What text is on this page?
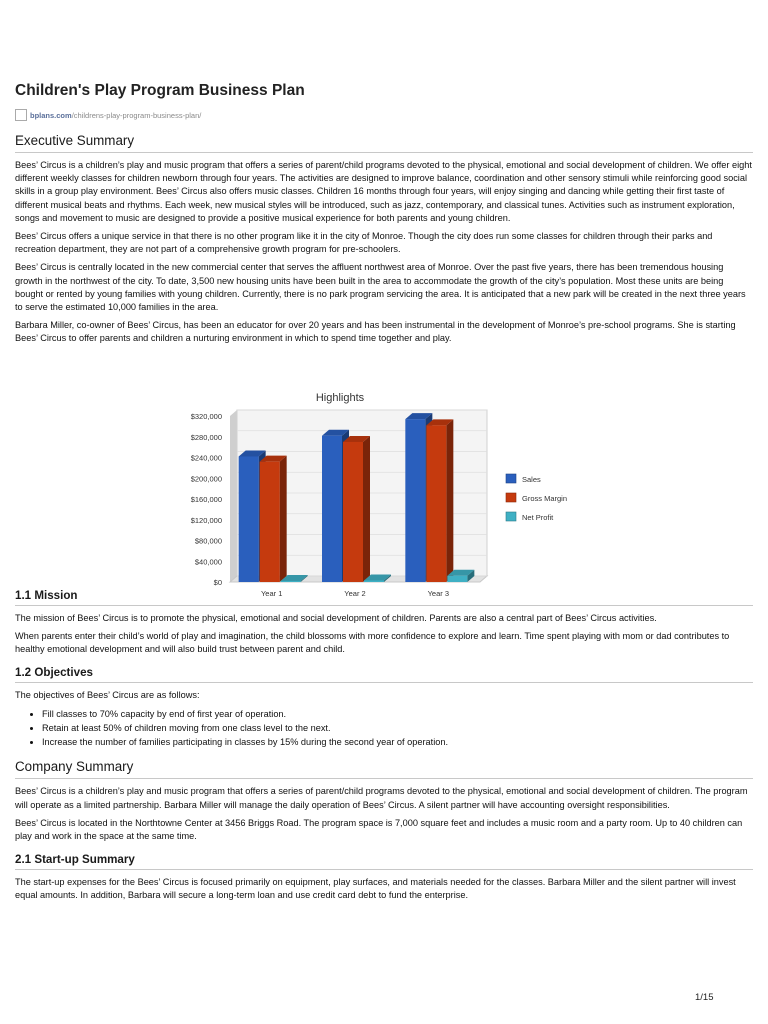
Children's Play Program Business Plan
bplans.com /childrens-play-program-business-plan/
Executive Summary

Bees’ Circus is a children’s play and music program that offers a series of parent/child programs devoted to the physical, emotional and social development of children. We offer eight different weekly classes for children newborn through four years. The activities are designed to improve balance, coordination and other sensory stimuli while reinforcing good social skills in a group play environment. Bees’ Circus also offers music classes. Children 16 months through four years, will enjoy singing and dancing while getting their first taste of different musical beats and rhythms. Each week, new musical styles will be introduced, such as jazz, contemporary, and classical tunes. Activities such as instrument exploration, songs and movement to music are designed to provide a positive musical experience for both parents and young children.

Bees’ Circus offers a unique service in that there is no other program like it in the city of Monroe. Though the city does run some classes for children through their parks and recreation department, they are not part of a comprehensive growth program for pre-schoolers.

Bees’ Circus is centrally located in the new commercial center that serves the affluent northwest area of Monroe. Over the past five years, there has been tremendous housing growth in the northwest of the city. To date, 3,500 new housing units have been built in the area to accommodate the growth of the city’s population. Most these units are being bought or rented by young families with young children. Currently, there is no park program servicing the area. It is anticipated that a new park will be created in the next three years to serve the estimated 10,000 families in the area.

Barbara Miller, co-owner of Bees’ Circus, has been an educator for over 20 years and has been instrumental in the development of Monroe’s pre-school programs. She is starting Bees’ Circus to offer parents and children a nurturing environment in which to spend time together and play.

1.1 Mission

The mission of Bees’ Circus is to promote the physical, emotional and social development of children. Parents are also a central part of Bees’ Circus activities.

When parents enter their child’s world of play and imagination, the child blossoms with more confidence to explore and learn. Time spent playing with mom or dad contributes to healthy emotional development and will also build trust between parent and child.

1.2 Objectives

The objectives of Bees’ Circus are as follows:

• Fill classes to 70% capacity by end of first year of operation.
• Retain at least 50% of children moving from one class level to the next.
• Increase the number of families participating in classes by 15% during the second year of operation.
Company Summary

Bees’ Circus is a children’s play and music program that offers a series of parent/child programs devoted to the physical, emotional and social development of children. The program will operate as a limited partnership. Barbara Miller will manage the daily operation of Bees’ Circus. A silent partner will have accounting oversight responsibilities.

Bees’ Circus is located in the Northtowne Center at 3456 Briggs Road. The program space is 7,000 square feet and includes a music room and a party room. Up to 40 children can play and work in the space at the same time.

2.1 Start-up Summary

The start-up expenses for the Bees’ Circus is focused primarily on equipment, play surfaces, and materials needed for the classes. Barbara Miller and the silent partner will invest equal amounts. In addition, Barbara will secure a long-term loan and use credit card debt to fund the enterprise.

Highlights
$0
$40,000
$80,000
$120,000
$160,000
$200,000
$240,000
$280,000
$320,000
Year 1	Year 2	Year 3
Sales
Gross Margin
Net Profit
1/15
